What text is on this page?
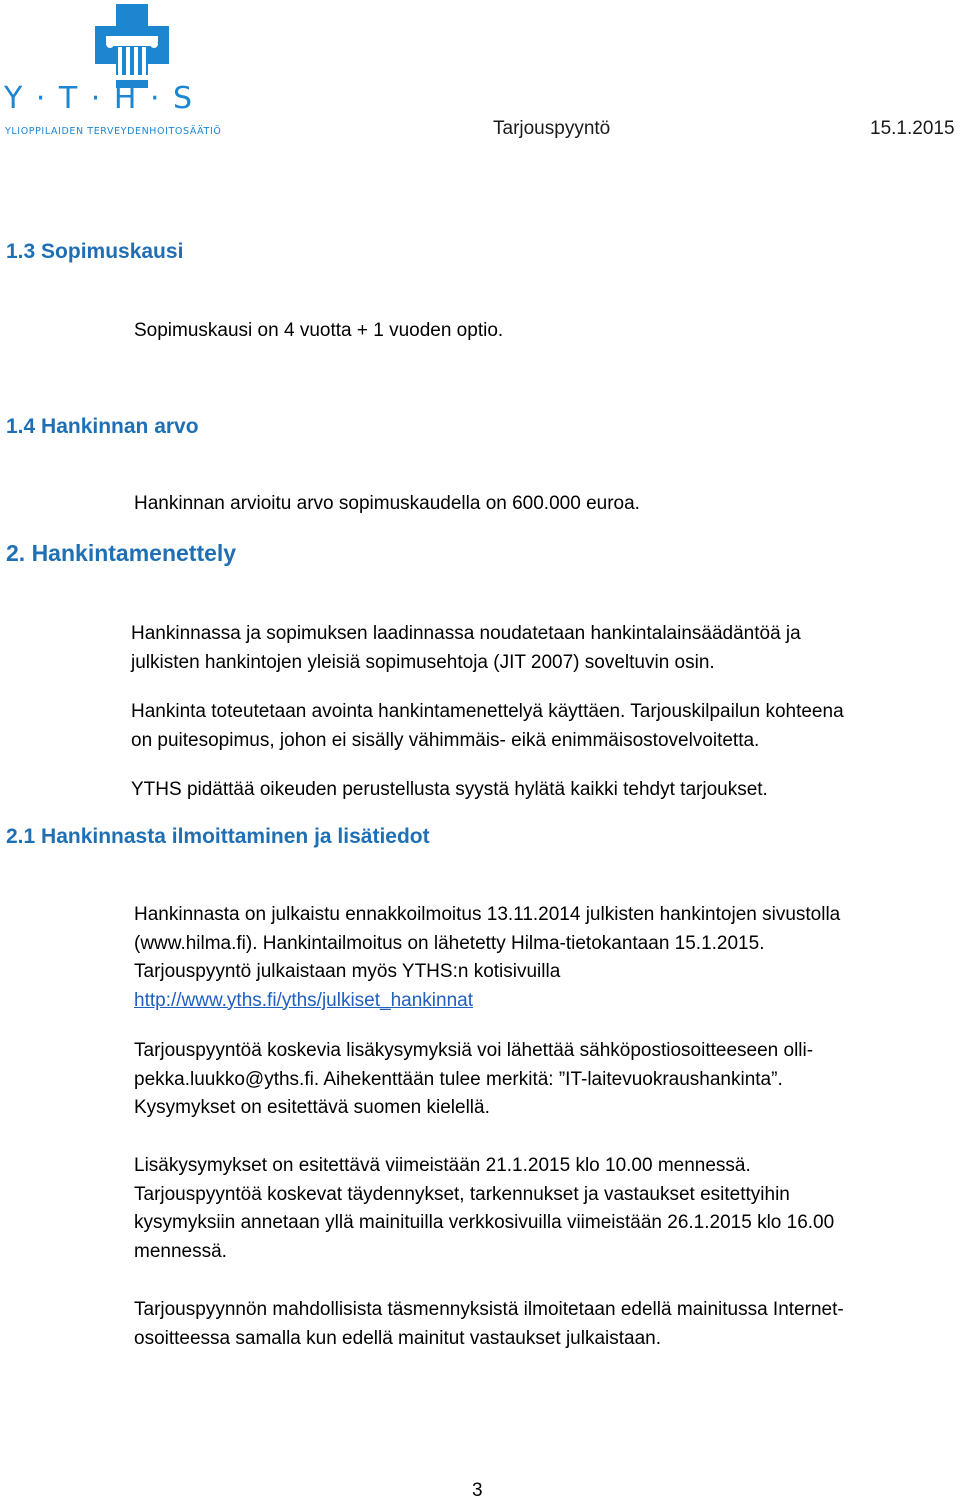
Y · T · H · S
YLIOPPILAIDEN TERVEYDENHOITOSÄÄTIÖ	Tarjouspyyntö	15.1.2015
1.3 Sopimuskausi
Sopimuskausi on 4 vuotta + 1 vuoden optio.
1.4 Hankinnan arvo
Hankinnan arvioitu arvo sopimuskaudella on 600.000 euroa.
2. Hankintamenettely
Hankinnassa ja sopimuksen laadinnassa noudatetaan hankintalainsäädäntöä ja
julkisten hankintojen yleisiä sopimusehtoja (JIT 2007) soveltuvin osin.
Hankinta toteutetaan avointa hankintamenettelyä käyttäen. Tarjouskilpailun kohteena
on puitesopimus, johon ei sisälly vähimmäis- eikä enimmäisostovelvoitetta.
YTHS pidättää oikeuden perustellusta syystä hylätä kaikki tehdyt tarjoukset.
2.1 Hankinnasta ilmoittaminen ja lisätiedot
Hankinnasta on julkaistu ennakkoilmoitus 13.11.2014 julkisten hankintojen sivustolla
(www.hilma.fi). Hankintailmoitus on lähetetty Hilma-tietokantaan 15.1.2015.
Tarjouspyyntö julkaistaan myös YTHS:n kotisivuilla
http://www.yths.fi/yths/julkiset_hankinnat
Tarjouspyyntöä koskevia lisäkysymyksiä voi lähettää sähköpostiosoitteeseen olli-
pekka.luukko@yths.fi. Aihekenttään tulee merkitä: ”IT-laitevuokraushankinta”.
Kysymykset on esitettävä suomen kielellä.
Lisäkysymykset on esitettävä viimeistään 21.1.2015 klo 10.00 mennessä.
Tarjouspyyntöä koskevat täydennykset, tarkennukset ja vastaukset esitettyihin
kysymyksiin annetaan yllä mainituilla verkkosivuilla viimeistään 26.1.2015 klo 16.00
mennessä.
Tarjouspyynnön mahdollisista täsmennyksistä ilmoitetaan edellä mainitussa Internet-
osoitteessa samalla kun edellä mainitut vastaukset julkaistaan.
3
